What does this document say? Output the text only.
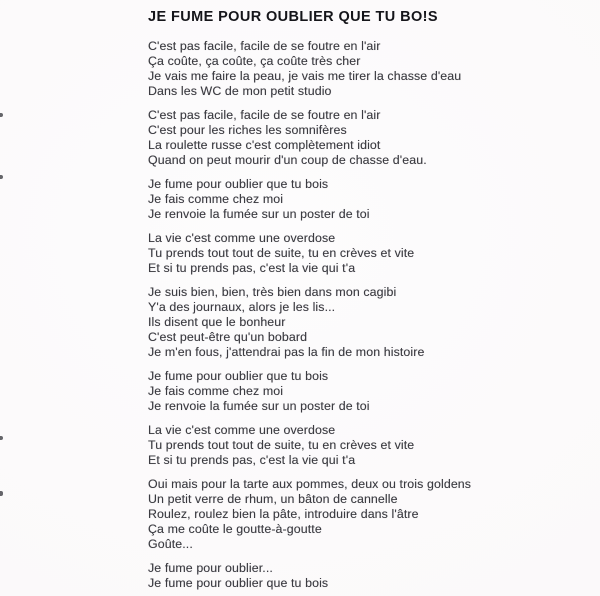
JE FUME POUR OUBLIER QUE TU BO!S
C'est pas facile, facile de se foutre en l'air
Ça coûte, ça coûte, ça coûte très cher
Je vais me faire la peau, je vais me tirer la chasse d'eau
Dans les WC de mon petit studio
C'est pas facile, facile de se foutre en l'air
C'est pour les riches les somnifères
La roulette russe c'est complètement idiot
Quand on peut mourir d'un coup de chasse d'eau.
Je fume pour oublier que tu bois
Je fais comme chez moi
Je renvoie la fumée sur un poster de toi
La vie c'est comme une overdose
Tu prends tout tout de suite, tu en crèves et vite
Et si tu prends pas, c'est la vie qui t'a
Je suis bien, bien, très bien dans mon cagibi
Y'a des journaux, alors je les lis...
Ils disent que le bonheur
C'est peut-être qu'un bobard
Je m'en fous, j'attendrai pas la fin de mon histoire
Je fume pour oublier que tu bois
Je fais comme chez moi
Je renvoie la fumée sur un poster de toi
La vie c'est comme une overdose
Tu prends tout tout de suite, tu en crèves et vite
Et si tu prends pas, c'est la vie qui t'a
Oui mais pour la tarte aux pommes, deux ou trois goldens
Un petit verre de rhum, un bâton de cannelle
Roulez, roulez bien la pâte, introduire dans l'âtre
Ça me coûte le goutte-à-goutte
Goûte...
Je fume pour oublier...
Je fume pour oublier que tu bois
